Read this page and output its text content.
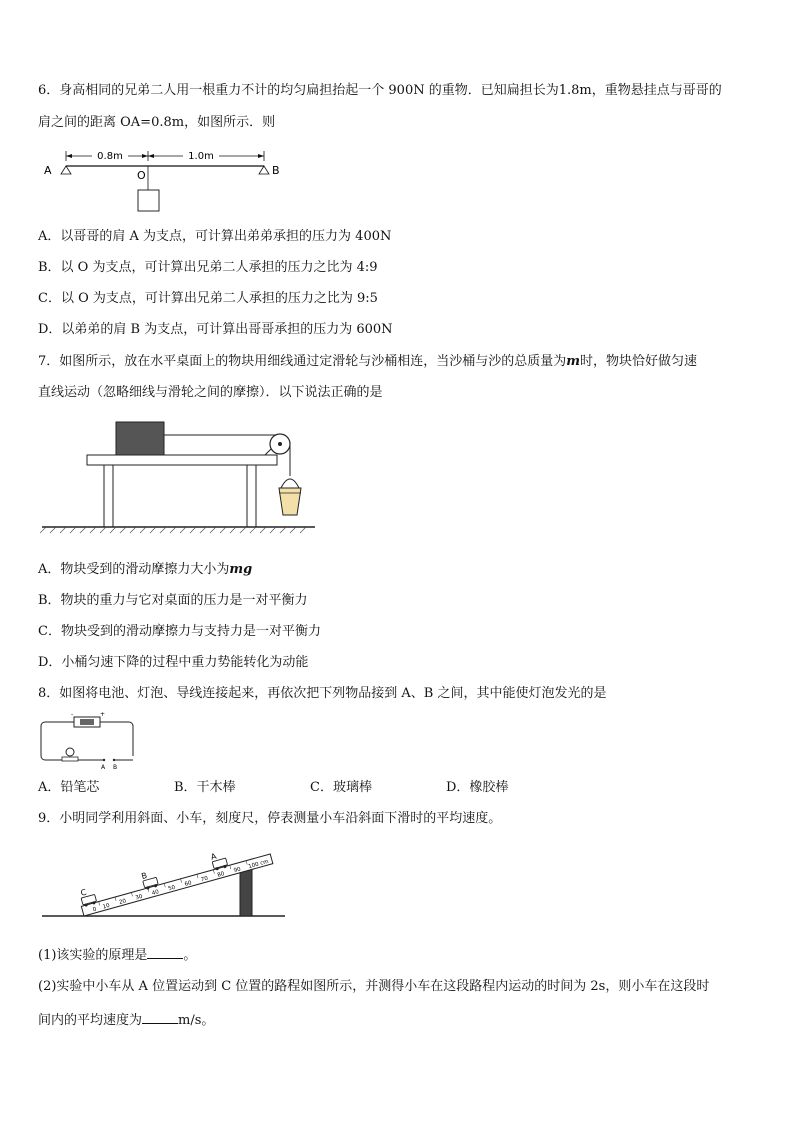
6．身高相同的兄弟二人用一根重力不计的均匀扁担抬起一个 900N 的重物．已知扁担长为1.8m，重物悬挂点与哥哥的
肩之间的距离 OA=0.8m，如图所示．则
0.8m	1.0m
A	B
O
A．以哥哥的肩 A 为支点，可计算出弟弟承担的压力为 400N
B．以 O 为支点，可计算出兄弟二人承担的压力之比为 4:9
C．以 O 为支点，可计算出兄弟二人承担的压力之比为 9:5
D．以弟弟的肩 B 为支点，可计算出哥哥承担的压力为 600N
7．如图所示，放在水平桌面上的物块用细线通过定滑轮与沙桶相连，当沙桶与沙的总质量为m时，物块恰好做匀速
直线运动（忽略细线与滑轮之间的摩擦）．以下说法正确的是
A．物块受到的滑动摩擦力大小为mg
B．物块的重力与它对桌面的压力是一对平衡力
C．物块受到的滑动摩擦力与支持力是一对平衡力
D．小桶匀速下降的过程中重力势能转化为动能
8．如图将电池、灯泡、导线连接起来，再依次把下列物品接到 A、B 之间，其中能使灯泡发光的是
-	+
A B
A．铅笔芯	B．干木棒	C．玻璃棒	D．橡胶棒
9．小明同学利用斜面、小车，刻度尺，停表测量小车沿斜面下滑时的平均速度。
0 10
20
30
40
50
60
70
80
90
100 cm
C
B
A
(1)该实验的原理是	。
(2)实验中小车从 A 位置运动到 C 位置的路程如图所示，并测得小车在这段路程内运动的时间为 2s，则小车在这段时
间内的平均速度为	m/s。
